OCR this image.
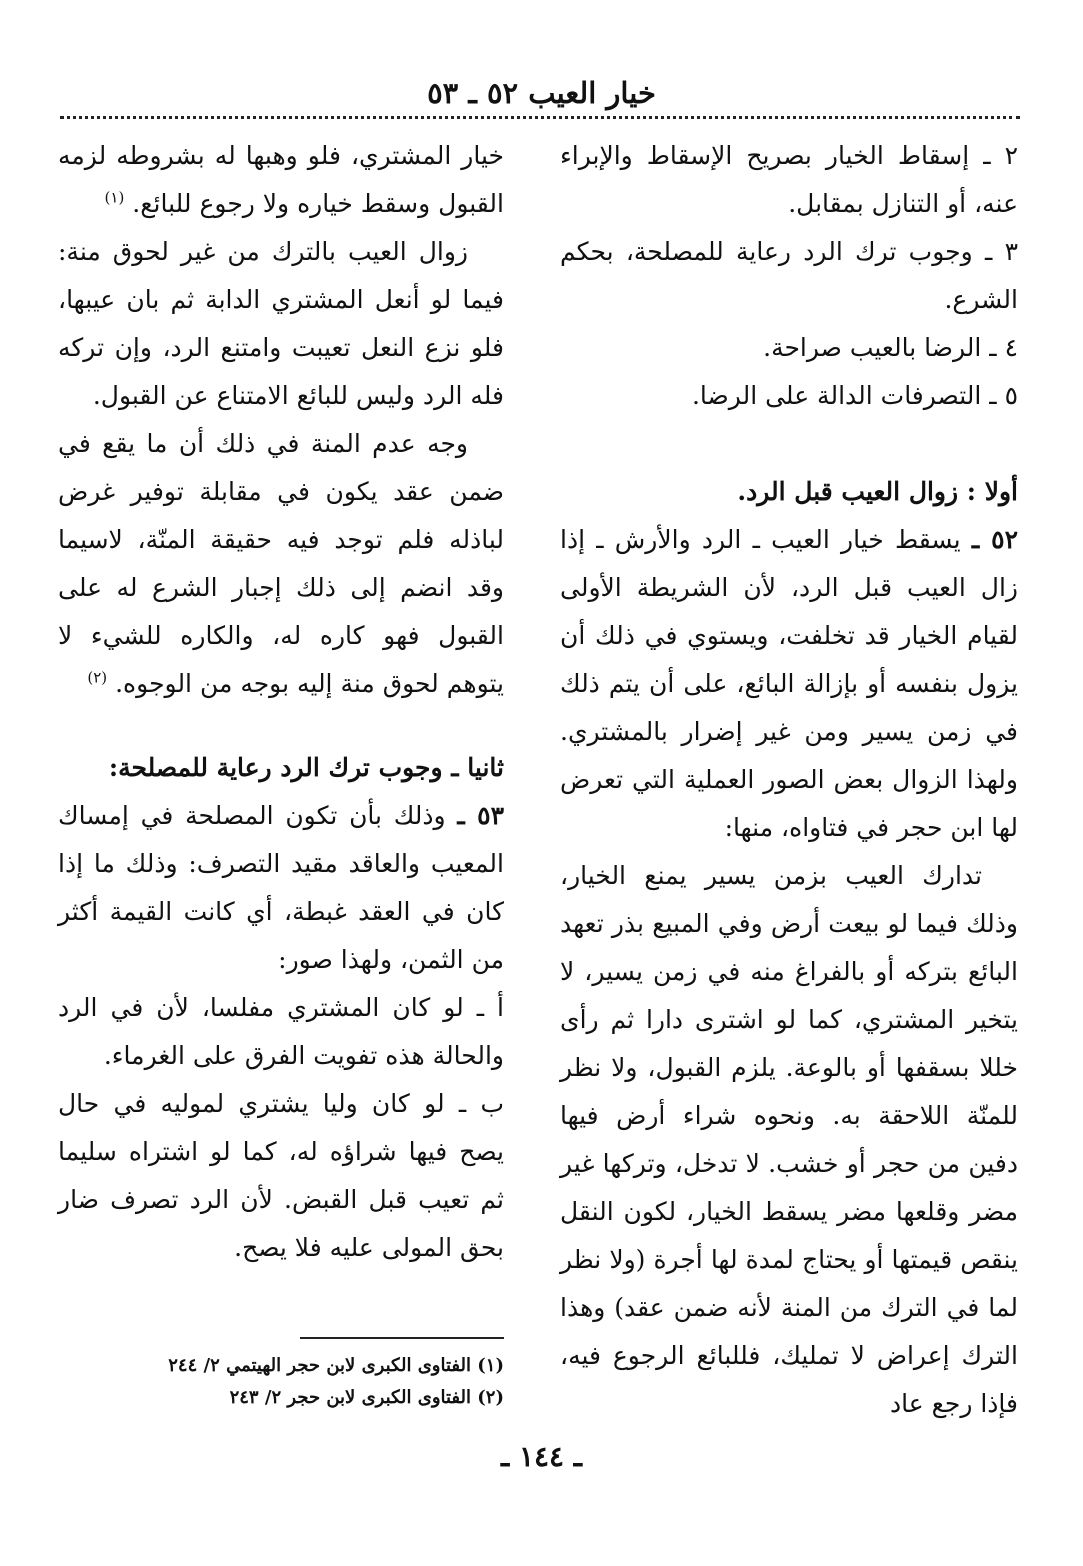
خيار العيب ٥٢ ـ ٥٣

٢ ـ إسقاط الخيار بصريح الإسقاط والإبراء عنه، أو التنازل بمقابل.

٣ ـ وجوب ترك الرد رعاية للمصلحة، بحكم الشرع.

٤ ـ الرضا بالعيب صراحة.

٥ ـ التصرفات الدالة على الرضا.

أولا : زوال العيب قبل الرد.

٥٢ ـ يسقط خيار العيب ـ الرد والأرش ـ إذا زال العيب قبل الرد، لأن الشريطة الأولى لقيام الخيار قد تخلفت، ويستوي في ذلك أن يزول بنفسه أو بإزالة البائع، على أن يتم ذلك في زمن يسير ومن غير إضرار بالمشتري. ولهذا الزوال بعض الصور العملية التي تعرض لها ابن حجر في فتاواه، منها:

تدارك العيب بزمن يسير يمنع الخيار، وذلك فيما لو بيعت أرض وفي المبيع بذر تعهد البائع بتركه أو بالفراغ منه في زمن يسير، لا يتخير المشتري، كما لو اشترى دارا ثم رأى خللا بسقفها أو بالوعة. يلزم القبول، ولا نظر للمنّة اللاحقة به. ونحوه شراء أرض فيها دفين من حجر أو خشب. لا تدخل، وتركها غير مضر وقلعها مضر يسقط الخيار، لكون النقل ينقص قيمتها أو يحتاج لمدة لها أجرة (ولا نظر لما في الترك من المنة لأنه ضمن عقد) وهذا الترك إعراض لا تمليك، فللبائع الرجوع فيه، فإذا رجع عاد

خيار المشتري، فلو وهبها له بشروطه لزمه القبول وسقط خياره ولا رجوع للبائع. $^{(١)}$

زوال العيب بالترك من غير لحوق منة: فيما لو أنعل المشتري الدابة ثم بان عيبها، فلو نزع النعل تعيبت وامتنع الرد، وإن تركه فله الرد وليس للبائع الامتناع عن القبول.

وجه عدم المنة في ذلك أن ما يقع في ضمن عقد يكون في مقابلة توفير غرض لباذله فلم توجد فيه حقيقة المنّة، لاسيما وقد انضم إلى ذلك إجبار الشرع له على القبول فهو كاره له، والكاره للشيء لا يتوهم لحوق منة إليه بوجه من الوجوه. $^{(٢)}$

ثانيا ـ وجوب ترك الرد رعاية للمصلحة:

٥٣ ـ وذلك بأن تكون المصلحة في إمساك المعيب والعاقد مقيد التصرف: وذلك ما إذا كان في العقد غبطة، أي كانت القيمة أكثر من الثمن، ولهذا صور:

أ ـ لو كان المشتري مفلسا، لأن في الرد والحالة هذه تفويت الفرق على الغرماء.

ب ـ لو كان وليا يشتري لموليه في حال يصح فيها شراؤه له، كما لو اشتراه سليما ثم تعيب قبل القبض. لأن الرد تصرف ضار بحق المولى عليه فلا يصح.

(١) الفتاوى الكبرى لابن حجر الهيتمي ٢/ ٢٤٤

(٢) الفتاوى الكبرى لابن حجر ٢/ ٢٤٣

ـ ١٤٤ ـ
